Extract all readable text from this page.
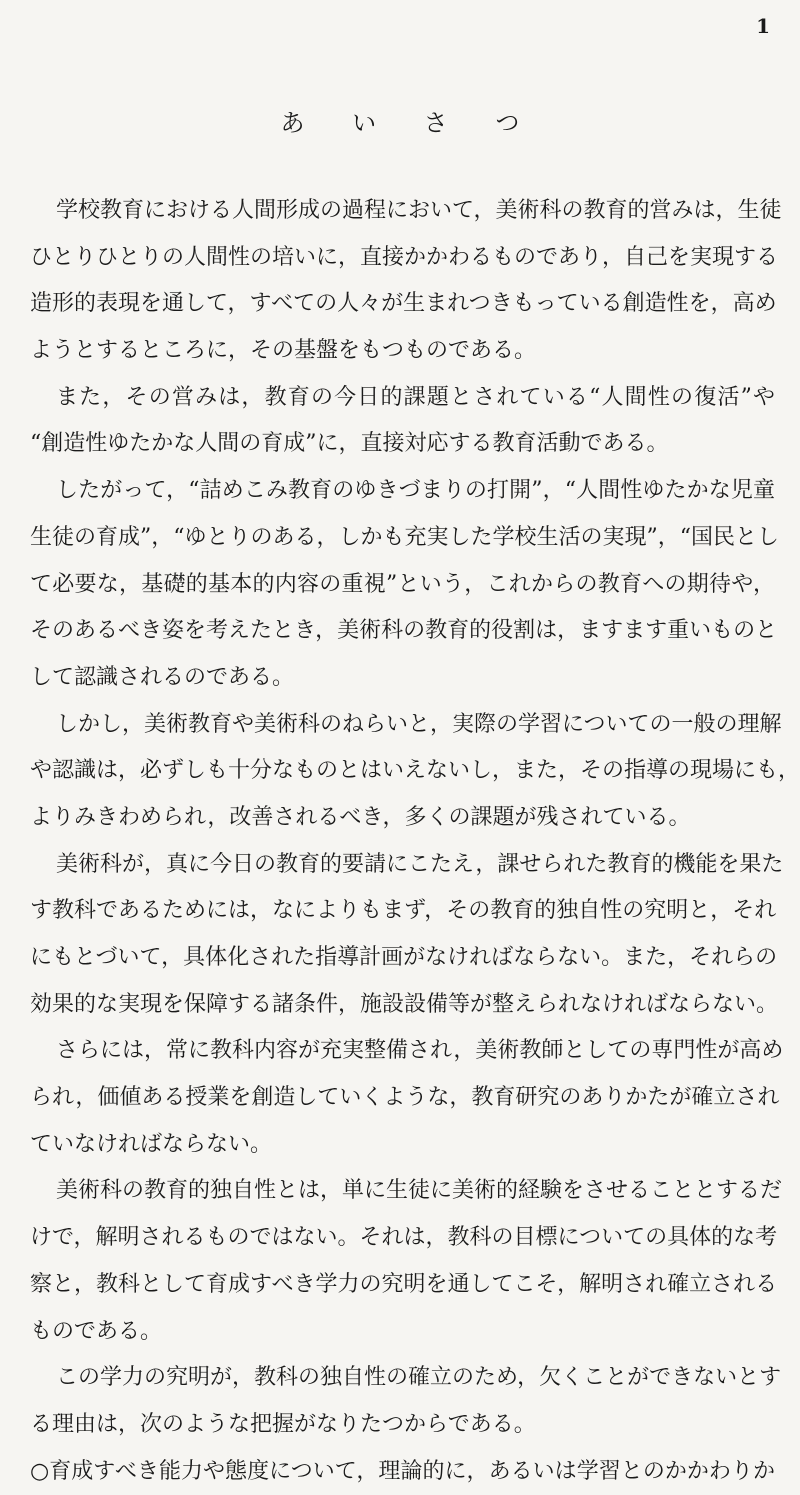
1
あ い さ つ
学校教育における人間形成の過程において，美術科の教育的営みは，生徒
ひとりひとりの人間性の培いに，直接かかわるものであり，自己を実現する
造形的表現を通して，すべての人々が生まれつきもっている創造性を，高め
ようとするところに，その基盤をもつものである。
また，その営みは，教育の今日的課題とされている“人間性の復活”や
“創造性ゆたかな人間の育成”に，直接対応する教育活動である。
したがって，“詰めこみ教育のゆきづまりの打開”，“人間性ゆたかな児童
生徒の育成”，“ゆとりのある，しかも充実した学校生活の実現”，“国民とし
て必要な，基礎的基本的内容の重視”という，これからの教育への期待や，
そのあるべき姿を考えたとき，美術科の教育的役割は，ますます重いものと
して認識されるのである。
しかし，美術教育や美術科のねらいと，実際の学習についての一般の理解
や認識は，必ずしも十分なものとはいえないし，また，その指導の現場にも，
よりみきわめられ，改善されるべき，多くの課題が残されている。
美術科が，真に今日の教育的要請にこたえ，課せられた教育的機能を果た
す教科であるためには，なによりもまず，その教育的独自性の究明と，それ
にもとづいて，具体化された指導計画がなければならない。また，それらの
効果的な実現を保障する諸条件，施設設備等が整えられなければならない。
さらには，常に教科内容が充実整備され，美術教師としての専門性が高め
られ，価値ある授業を創造していくような，教育研究のありかたが確立され
ていなければならない。
美術科の教育的独自性とは，単に生徒に美術的経験をさせることとするだ
けで，解明されるものではない。それは，教科の目標についての具体的な考
察と，教科として育成すべき学力の究明を通してこそ，解明され確立される
ものである。
この学力の究明が，教科の独自性の確立のため，欠くことができないとす
る理由は，次のような把握がなりたつからである。
○育成すべき能力や態度について，理論的に，あるいは学習とのかかわりか
